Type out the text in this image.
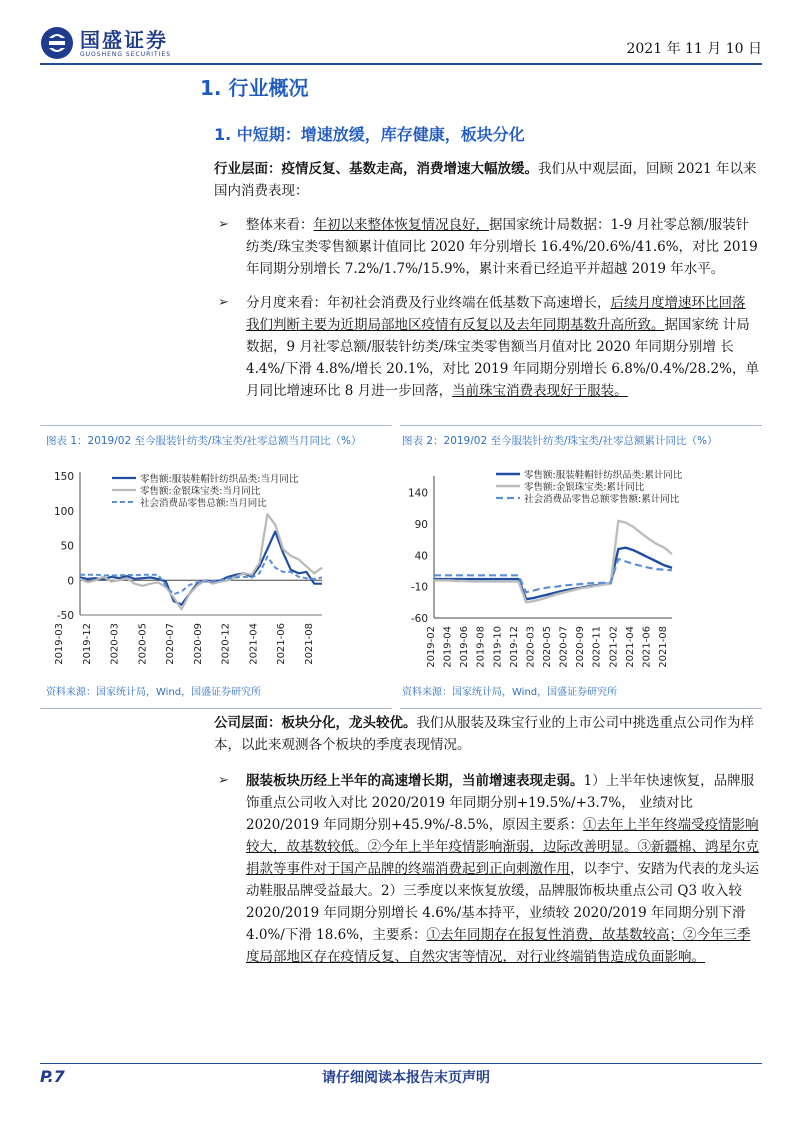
国盛证券
GUOSHENG SECURITIES	2021 年 11 月 10 日
1. 行业概况
1. 中短期：增速放缓，库存健康，板块分化
行业层面：疫情反复、基数走高，消费增速大幅放缓。我们从中观层面，回顾 2021 年以来国内消费表现：
➢ 整体来看：年初以来整体恢复情况良好，据国家统计局数据：1-9 月社零总额/服装针纺类/珠宝类零售额累计值同比 2020 年分别增长 16.4%/20.6%/41.6%，对比 2019 年同期分别增长 7.2%/1.7%/15.9%，累计来看已经追平并超越 2019 年水平。
➢ 分月度来看：年初社会消费及行业终端在低基数下高速增长，后续月度增速环比回落 我们判断主要为近期局部地区疫情有反复以及去年同期基数升高所致。据国家统 计局数据，9 月社零总额/服装针纺类/珠宝类零售额当月值对比 2020 年同期分别增 长 4.4%/下滑 4.8%/增长 20.1%，对比 2019 年同期分别增长 6.8%/0.4%/28.2%，单 月同比增速环比 8 月进一步回落，当前珠宝消费表现好于服装。
图表 1：2019/02 至今服装针纺类/珠宝类/社零总额当月同比（%）	图表 2：2019/02 至今服装针纺类/珠宝类/社零总额累计同比（%）
150
100
50
0
-50
2019-03 2019-12 2020-03 2020-05 2020-07 2020-09 2020-12 2021-04 2021-06 2021-08
零售额:服装鞋帽针纺织品类:当月同比
零售额:金银珠宝类:当月同比
社会消费品零售总额:当月同比
140
90
40
-10
-60
2019-02 2019-04 2019-06 2019-08 2019-10 2019-12 2020-03 2020-05 2020-07 2020-09 2020-11 2021-02 2021-04 2021-06 2021-08
零售额:服装鞋帽针纺织品类:累计同比
零售额:金银珠宝类:累计同比
社会消费品零售总额零售额:累计同比
资料来源：国家统计局，Wind，国盛证券研究所	资料来源：国家统计局，Wind，国盛证券研究所
公司层面：板块分化，龙头较优。我们从服装及珠宝行业的上市公司中挑选重点公司作为样本，以此来观测各个板块的季度表现情况。
➢ 服装板块历经上半年的高速增长期，当前增速表现走弱。1）上半年快速恢复，品牌服饰重点公司收入对比 2020/2019 年同期分别+19.5%/+3.7%， 业绩对比 2020/2019 年同期分别+45.9%/-8.5%，原因主要系：①去年上半年终端受疫情影响较大，故基数较低。②今年上半年疫情影响渐弱，边际改善明显。③新疆棉、鸿星尔克捐款等事件对于国产品牌的终端消费起到正向刺激作用，以李宁、安踏为代表的龙头运动鞋服品牌受益最大。2）三季度以来恢复放缓，品牌服饰板块重点公司 Q3 收入较 2020/2019 年同期分别增长 4.6%/基本持平，业绩较 2020/2019 年同期分别下滑 4.0%/下滑 18.6%，主要系：①去年同期存在报复性消费，故基数较高；②今年三季度局部地区存在疫情反复、自然灾害等情况，对行业终端销售造成负面影响。
P.7	请仔细阅读本报告末页声明
